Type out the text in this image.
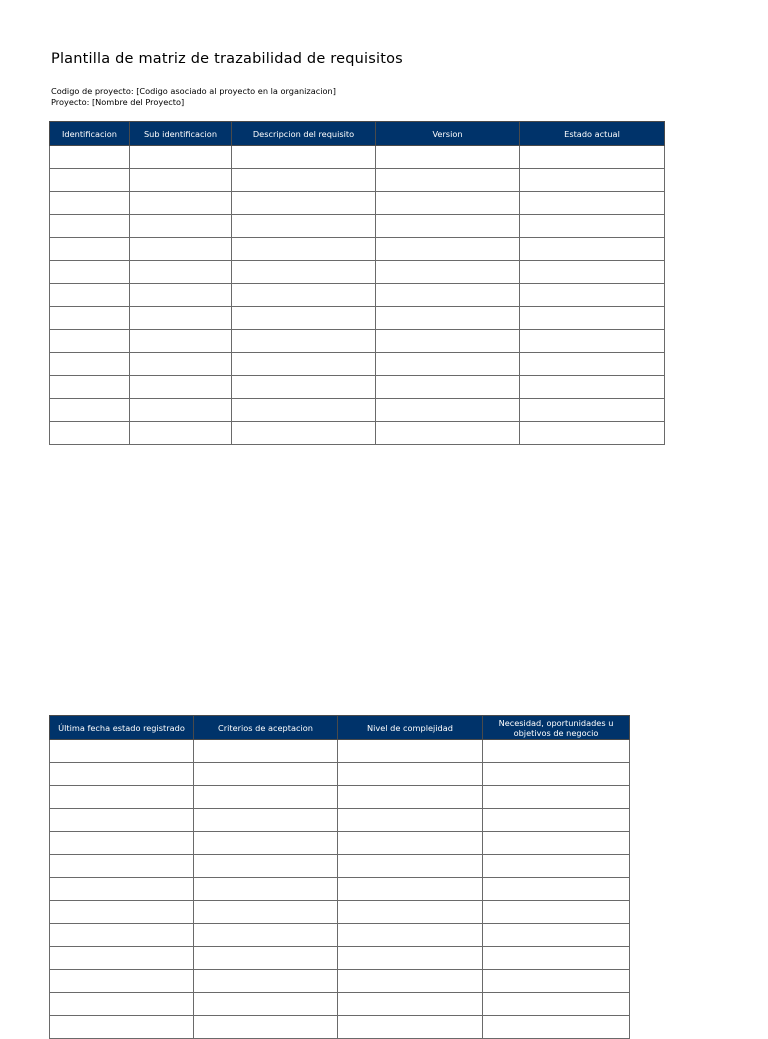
Plantilla de matriz de trazabilidad de requisitos
Codigo de proyecto: [Codigo asociado al proyecto en la organizacion]
Proyecto: [Nombre del Proyecto]
Identificacion	Sub identificacion	Descripcion del requisito	Version	Estado actual

Última fecha estado registrado	Criterios de aceptacion	Nivel de complejidad	Necesidad, oportunidades u objetivos de negocio
